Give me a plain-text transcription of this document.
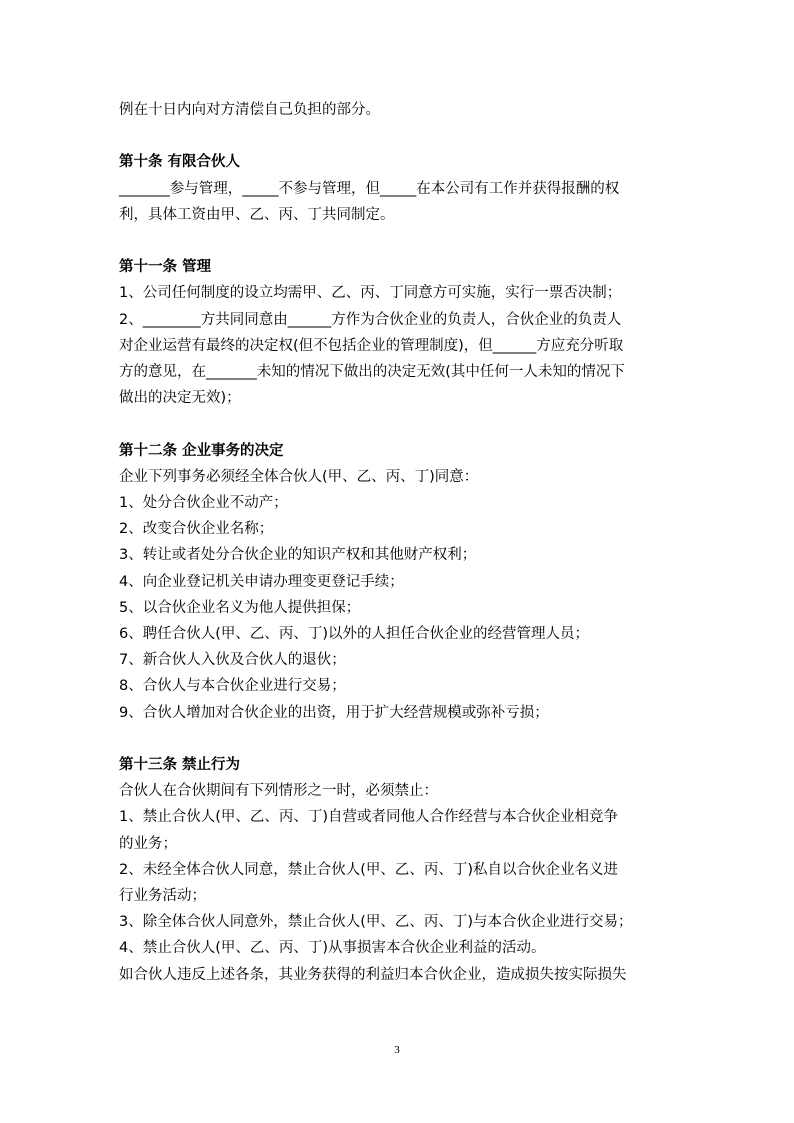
例在十日内向对方清偿自己负担的部分。
第十条 有限合伙人
_______参与管理，_____不参与管理，但_____在本公司有工作并获得报酬的权
利，具体工资由甲、乙、丙、丁共同制定。
第十一条 管理
1、公司任何制度的设立均需甲、乙、丙、丁同意方可实施，实行一票否决制；
2、________方共同同意由______方作为合伙企业的负责人，合伙企业的负责人
对企业运营有最终的决定权(但不包括企业的管理制度)，但______方应充分听取
方的意见，在_______未知的情况下做出的决定无效(其中任何一人未知的情况下
做出的决定无效)；
第十二条 企业事务的决定
企业下列事务必须经全体合伙人(甲、乙、丙、丁)同意：
1、处分合伙企业不动产；
2、改变合伙企业名称；
3、转让或者处分合伙企业的知识产权和其他财产权利；
4、向企业登记机关申请办理变更登记手续；
5、以合伙企业名义为他人提供担保；
6、聘任合伙人(甲、乙、丙、丁)以外的人担任合伙企业的经营管理人员；
7、新合伙人入伙及合伙人的退伙；
8、合伙人与本合伙企业进行交易；
9、合伙人增加对合伙企业的出资，用于扩大经营规模或弥补亏损；
第十三条 禁止行为
合伙人在合伙期间有下列情形之一时，必须禁止：
1、禁止合伙人(甲、乙、丙、丁)自营或者同他人合作经营与本合伙企业相竞争
的业务；
2、未经全体合伙人同意，禁止合伙人(甲、乙、丙、丁)私自以合伙企业名义进
行业务活动；
3、除全体合伙人同意外，禁止合伙人(甲、乙、丙、丁)与本合伙企业进行交易；
4、禁止合伙人(甲、乙、丙、丁)从事损害本合伙企业利益的活动。
如合伙人违反上述各条，其业务获得的利益归本合伙企业，造成损失按实际损失
3
